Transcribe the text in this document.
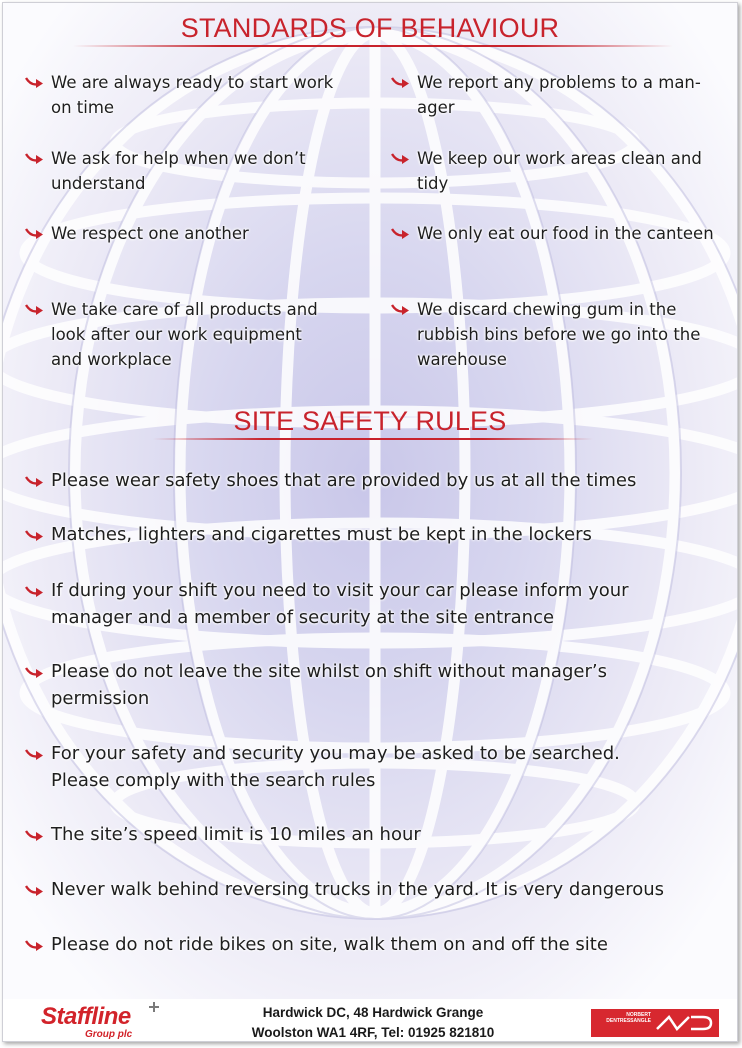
STANDARDS OF BEHAVIOUR
We are always ready to start work
on time
We ask for help when we don’t
understand
We respect one another
We take care of all products and
look after our work equipment
and workplace
We report any problems to a man-
ager
We keep our work areas clean and
tidy
We only eat our food in the canteen
We discard chewing gum in the
rubbish bins before we go into the
warehouse
SITE SAFETY RULES
Please wear safety shoes that are provided by us at all the times
Matches, lighters and cigarettes must be kept in the lockers
If during your shift you need to visit your car please inform your
manager and a member of security at the site entrance
Please do not leave the site whilst on shift without manager’s
permission
For your safety and security you may be asked to be searched.
Please comply with the search rules
The site’s speed limit is 10 miles an hour
Never walk behind reversing trucks in the yard. It is very dangerous
Please do not ride bikes on site, walk them on and off the site
Staffline
Group plc
Hardwick DC, 48 Hardwick Grange
Woolston WA1 4RF, Tel: 01925 821810
NORBERT DENTRESSANGLE
